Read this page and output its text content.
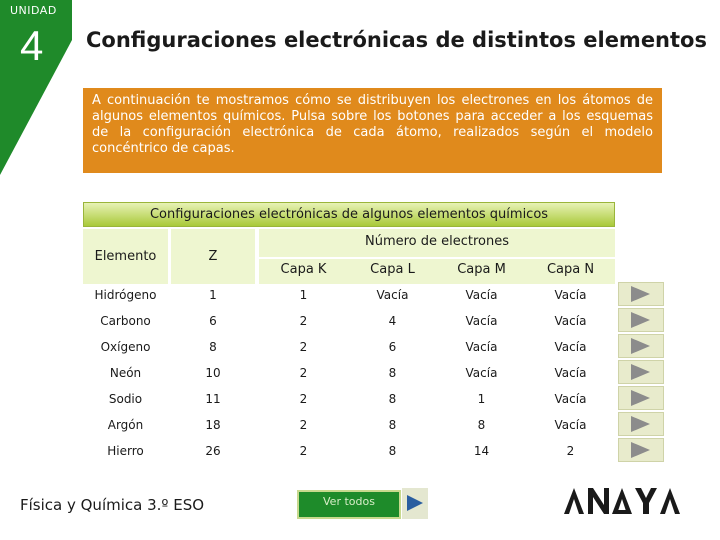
UNIDAD
4 Configuraciones electrónicas de distintos elementos

A continuación te mostramos cómo se distribuyen los electrones en los átomos de algunos elementos químicos. Pulsa sobre los botones para acceder a los esquemas de la configuración electrónica de cada átomo, realizados según el modelo concéntrico de capas.

Configuraciones electrónicas de algunos elementos químicos
Elemento	Z
Número de electrones
Capa K	Capa L	Capa M	Capa N
Hidrógeno	1	1	Vacía	Vacía	Vacía
Carbono	6	2	4	Vacía	Vacía
Oxígeno	8	2	6	Vacía	Vacía
Neón	10	2	8	Vacía	Vacía
Sodio	11	2	8	1	Vacía
Argón	18	2	8	8	Vacía
Hierro	26	2	8	14	2
Física y Química 3.º ESO	Ver todos
